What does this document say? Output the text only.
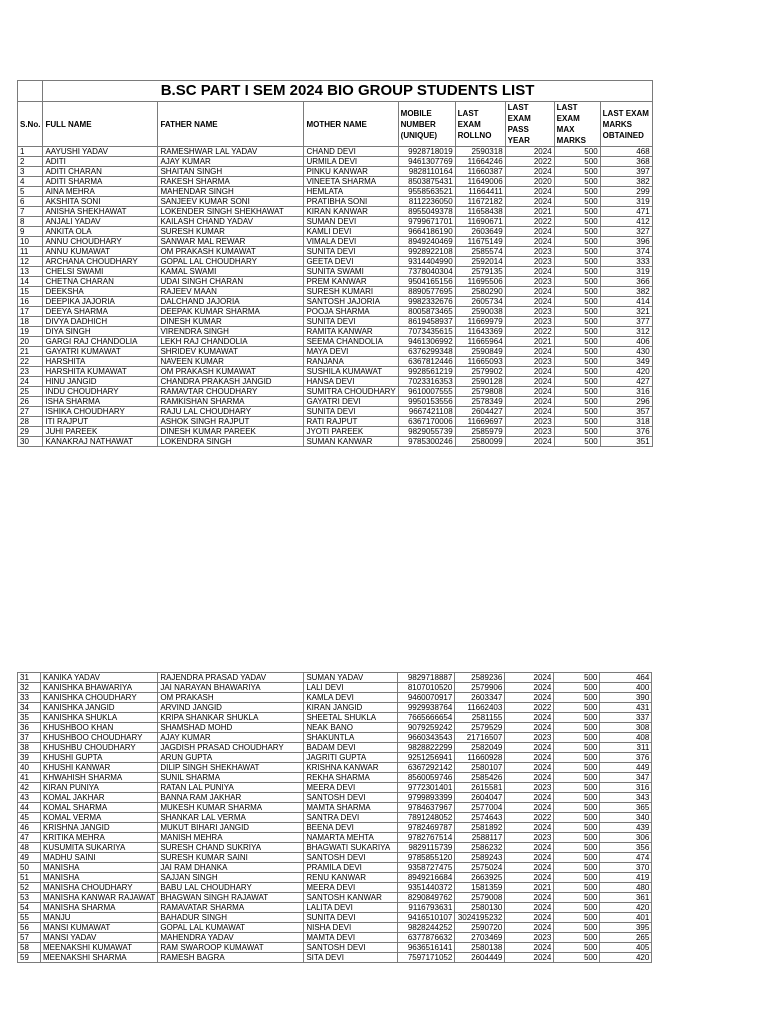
	B.SC PART I SEM 2024 BIO GROUP STUDENTS LIST							
S.No.	FULL NAME	FATHER NAME	MOTHER NAME	MOBILE NUMBER (UNIQUE)	LAST EXAM ROLLNO	LAST EXAM PASS YEAR	LAST EXAM MAX MARKS	LAST EXAM MARKS OBTAINED
1	AAYUSHI YADAV	RAMESHWAR LAL YADAV	CHAND DEVI	9928718019	2590318	2024	500	468
2	ADITI	AJAY KUMAR	URMILA DEVI	9461307769	11664246	2022	500	368
3	ADITI CHARAN	SHAITAN SINGH	PINKU KANWAR	9828110164	11660387	2024	500	397
4	ADITI SHARMA	RAKESH SHARMA	VINEETA SHARMA	8503875431	11649006	2020	500	382
5	AINA MEHRA	MAHENDAR SINGH	HEMLATA	9558563521	11664411	2024	500	299
6	AKSHITA SONI	SANJEEV KUMAR SONI	PRATIBHA SONI	8112236050	11672182	2024	500	319
7	ANISHA SHEKHAWAT	LOKENDER SINGH SHEKHAWAT	KIRAN KANWAR	8955049378	11658438	2021	500	471
8	ANJALI YADAV	KAILASH CHAND YADAV	SUMAN DEVI	9799671701	11690671	2022	500	412
9	ANKITA OLA	SURESH KUMAR	KAMLI DEVI	9664186190	2603649	2024	500	327
10	ANNU CHOUDHARY	SANWAR MAL REWAR	VIMALA DEVI	8949240469	11675149	2024	500	396
11	ANNU KUMAWAT	OM PRAKASH KUMAWAT	SUNITA DEVI	9928922108	2585574	2023	500	374
12	ARCHANA CHOUDHARY	GOPAL LAL CHOUDHARY	GEETA DEVI	9314404990	2592014	2023	500	333
13	CHELSI SWAMI	KAMAL SWAMI	SUNITA SWAMI	7378040304	2579135	2024	500	319
14	CHETNA CHARAN	UDAI SINGH CHARAN	PREM KANWAR	9504165156	11695506	2023	500	366
15	DEEKSHA	RAJEEV MAAN	SURESH KUMARI	8890577695	2580290	2024	500	382
16	DEEPIKA JAJORIA	DALCHAND JAJORIA	SANTOSH JAJORIA	9982332676	2605734	2024	500	414
17	DEEYA SHARMA	DEEPAK KUMAR SHARMA	POOJA SHARMA	8005873465	2590038	2023	500	321
18	DIVYA DADHICH	DINESH KUMAR	SUNITA DEVI	8619458937	11669979	2023	500	377
19	DIYA SINGH	VIRENDRA SINGH	RAMITA KANWAR	7073435615	11643369	2022	500	312
20	GARGI RAJ CHANDOLIA	LEKH RAJ CHANDOLIA	SEEMA CHANDOLIA	9461306992	11665964	2021	500	406
21	GAYATRI KUMAWAT	SHRIDEV KUMAWAT	MAYA DEVI	6376299348	2590849	2024	500	430
22	HARSHITA	NAVEEN KUMAR	RANJANA	6367812446	11665093	2023	500	349
23	HARSHITA KUMAWAT	OM PRAKASH KUMAWAT	SUSHILA KUMAWAT	9928561219	2579902	2024	500	420
24	HINU JANGID	CHANDRA PRAKASH JANGID	HANSA DEVI	7023316353	2590128	2024	500	427
25	INDU CHOUDHARY	RAMAVTAR CHOUDHARY	SUMITRA CHOUDHARY	9610007555	2579808	2024	500	316
26	ISHA SHARMA	RAMKISHAN SHARMA	GAYATRI DEVI	9950153556	2578349	2024	500	296
27	ISHIKA CHOUDHARY	RAJU LAL CHOUDHARY	SUNITA DEVI	9667421108	2604427	2024	500	357
28	ITI RAJPUT	ASHOK SINGH RAJPUT	RATI RAJPUT	6367170006	11669697	2023	500	318
29	JUHI PAREEK	DINESH KUMAR PAREEK	JYOTI PAREEK	9829055739	2585979	2023	500	376
30	KANAKRAJ NATHAWAT	LOKENDRA SINGH	SUMAN KANWAR	9785300246	2580099	2024	500	351
31	KANIKA YADAV	RAJENDRA PRASAD YADAV	SUMAN YADAV	9829718887	2589236	2024	500	464
32	KANISHKA BHAWARIYA	JAI NARAYAN BHAWARIYA	LALI DEVI	8107010520	2579906	2024	500	400
33	KANISHKA CHOUDHARY	OM PRAKASH	KAMLA DEVI	9460070917	2603347	2024	500	390
34	KANISHKA JANGID	ARVIND JANGID	KIRAN JANGID	9929938764	11662403	2022	500	431
35	KANISHKA SHUKLA	KRIPA SHANKAR SHUKLA	SHEETAL SHUKLA	7665666654	2581155	2024	500	337
36	KHUSHBOO KHAN	SHAMSHAD MOHD	NEAK BANO	9079259242	2579529	2024	500	308
37	KHUSHBOO CHOUDHARY	AJAY KUMAR	SHAKUNTLA	9660343543	21716507	2023	500	408
38	KHUSHBU CHOUDHARY	JAGDISH PRASAD CHOUDHARY	BADAM DEVI	9828822299	2582049	2024	500	311
39	KHUSHI GUPTA	ARUN GUPTA	JAGRITI GUPTA	9251256941	11660928	2024	500	376
40	KHUSHI KANWAR	DILIP SINGH SHEKHAWAT	KRISHNA KANWAR	6367292142	2580107	2024	500	449
41	KHWAHISH SHARMA	SUNIL SHARMA	REKHA SHARMA	8560059746	2585426	2024	500	347
42	KIRAN PUNIYA	RATAN LAL PUNIYA	MEERA DEVI	9772301401	2615581	2023	500	316
43	KOMAL JAKHAR	BANNA RAM JAKHAR	SANTOSH DEVI	9799893399	2604047	2024	500	343
44	KOMAL SHARMA	MUKESH KUMAR SHARMA	MAMTA SHARMA	9784637967	2577004	2024	500	365
45	KOMAL VERMA	SHANKAR LAL VERMA	SANTRA DEVI	7891248052	2574643	2022	500	340
46	KRISHNA JANGID	MUKUT BIHARI JANGID	BEENA DEVI	9782469787	2581892	2024	500	439
47	KRITIKA MEHRA	MANISH MEHRA	NAMARTA MEHTA	9782767514	2588117	2023	500	306
48	KUSUMITA SUKARIYA	SURESH CHAND SUKRIYA	BHAGWATI SUKARIYA	9829115739	2586232	2024	500	356
49	MADHU SAINI	SURESH KUMAR SAINI	SANTOSH DEVI	9785855120	2589243	2024	500	474
50	MANISHA	JAI RAM DHANKA	PRAMILA DEVI	9358727475	2575024	2024	500	370
51	MANISHA	SAJJAN SINGH	RENU KANWAR	8949216684	2663925	2024	500	419
52	MANISHA CHOUDHARY	BABU LAL CHOUDHARY	MEERA DEVI	9351440372	1581359	2021	500	480
53	MANISHA KANWAR RAJAWAT	BHAGWAN SINGH RAJAWAT	SANTOSH KANWAR	8290849762	2579008	2024	500	361
54	MANISHA SHARMA	RAMAVATAR SHARMA	LALITA DEVI	9116793631	2580130	2024	500	420
55	MANJU	BAHADUR SINGH	SUNITA DEVI	9416510107	3024195232	2024	500	401
56	MANSI KUMAWAT	GOPAL LAL KUMAWAT	NISHA DEVI	9828244252	2590720	2024	500	395
57	MANSI YADAV	MAHENDRA YADAV	MAMTA DEVI	6377876632	2703469	2023	500	265
58	MEENAKSHI KUMAWAT	RAM SWAROOP KUMAWAT	SANTOSH DEVI	9636516141	2580138	2024	500	405
59	MEENAKSHI SHARMA	RAMESH BAGRA	SITA DEVI	7597171052	2604449	2024	500	420
